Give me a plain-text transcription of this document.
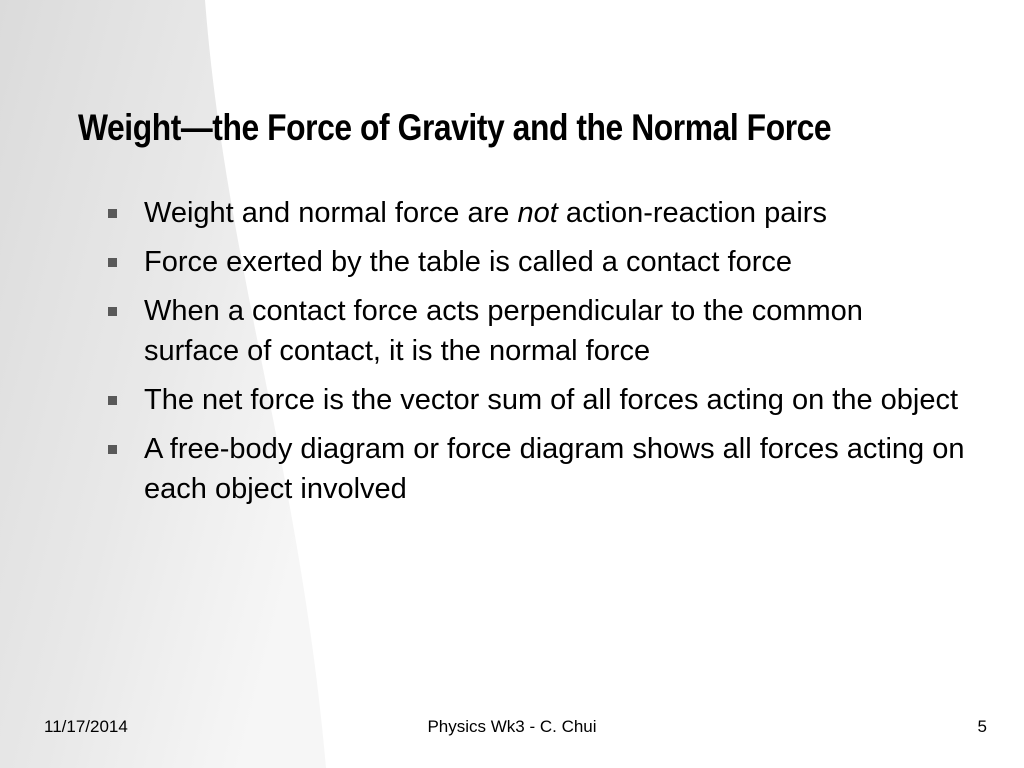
Weight—the Force of Gravity and the Normal Force
Weight and normal force are not action-reaction pairs
Force exerted by the table is called a contact force
When a contact force acts perpendicular to the common surface of contact, it is the normal force
The net force is the vector sum of all forces acting on the object
A free-body diagram or force diagram shows all forces acting on each object involved
11/17/2014	Physics Wk3 - C. Chui	5
